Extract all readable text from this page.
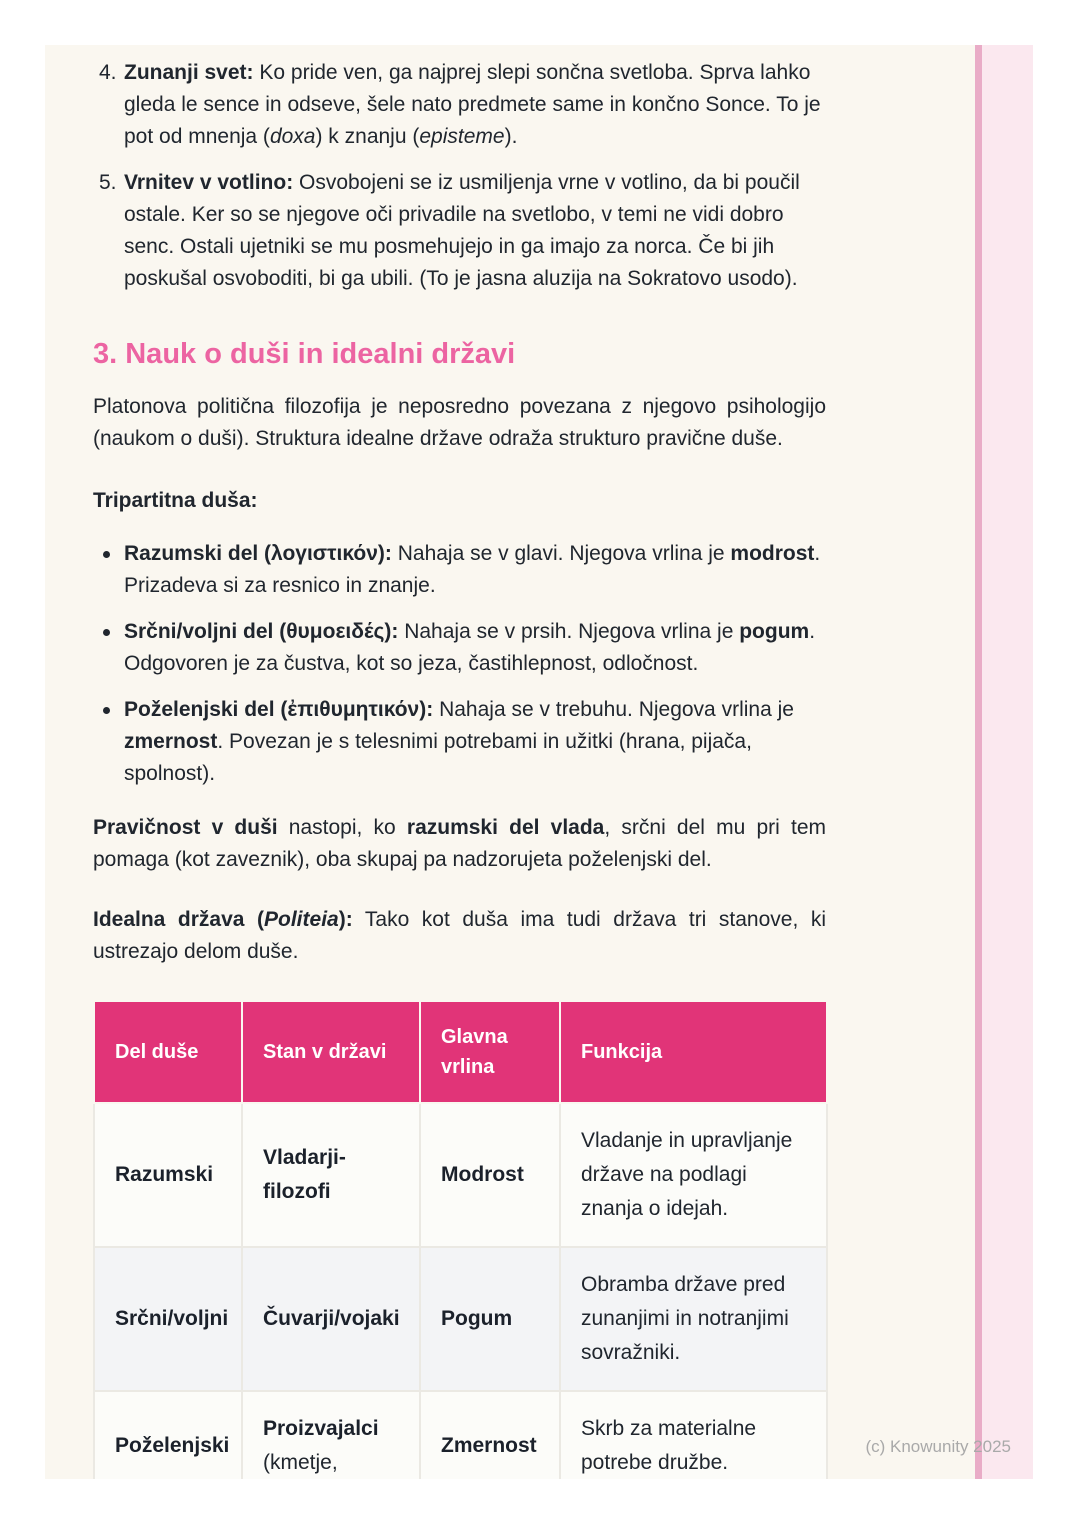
4. Zunanji svet: Ko pride ven, ga najprej slepi sončna svetloba. Sprva lahko gleda le sence in odseve, šele nato predmete same in končno Sonce. To je pot od mnenja (doxa) k znanju (episteme).

5. Vrnitev v votlino: Osvobojeni se iz usmiljenja vrne v votlino, da bi poučil ostale. Ker so se njegove oči privadile na svetlobo, v temi ne vidi dobro senc. Ostali ujetniki se mu posmehujejo in ga imajo za norca. Če bi jih poskušal osvoboditi, bi ga ubili. (To je jasna aluzija na Sokratovo usodo).

3. Nauk o duši in idealni državi

Platonova politična filozofija je neposredno povezana z njegovo psihologijo (naukom o duši). Struktura idealne države odraža strukturo pravične duše.

Tripartitna duša:

Razumski del (λογιστικόν): Nahaja se v glavi. Njegova vrlina je modrost. Prizadeva si za resnico in znanje.
Srčni/voljni del (θυμοειδές): Nahaja se v prsih. Njegova vrlina je pogum. Odgovoren je za čustva, kot so jeza, častihlepnost, odločnost.
Poželenjski del (ἐπιθυμητικόν): Nahaja se v trebuhu. Njegova vrlina je zmernost. Povezan je s telesnimi potrebami in užitki (hrana, pijača, spolnost).

Pravičnost v duši nastopi, ko razumski del vlada, srčni del mu pri tem pomaga (kot zaveznik), oba skupaj pa nadzorujeta poželenjski del.

Idealna država (Politeia): Tako kot duša ima tudi država tri stanove, ki ustrezajo delom duše.

Del duše	Stan v državi	Glavna vrlina	Funkcija
Razumski	Vladarji-filozofi	Modrost	Vladanje in upravljanje države na podlagi znanja o idejah.
Srčni/voljni	Čuvarji/vojaki	Pogum	Obramba države pred zunanjimi in notranjimi sovražniki.
Poželenjski	Proizvajalci (kmetje,	Zmernost	Skrb za materialne potrebe družbe.
(c) Knowunity 2025
